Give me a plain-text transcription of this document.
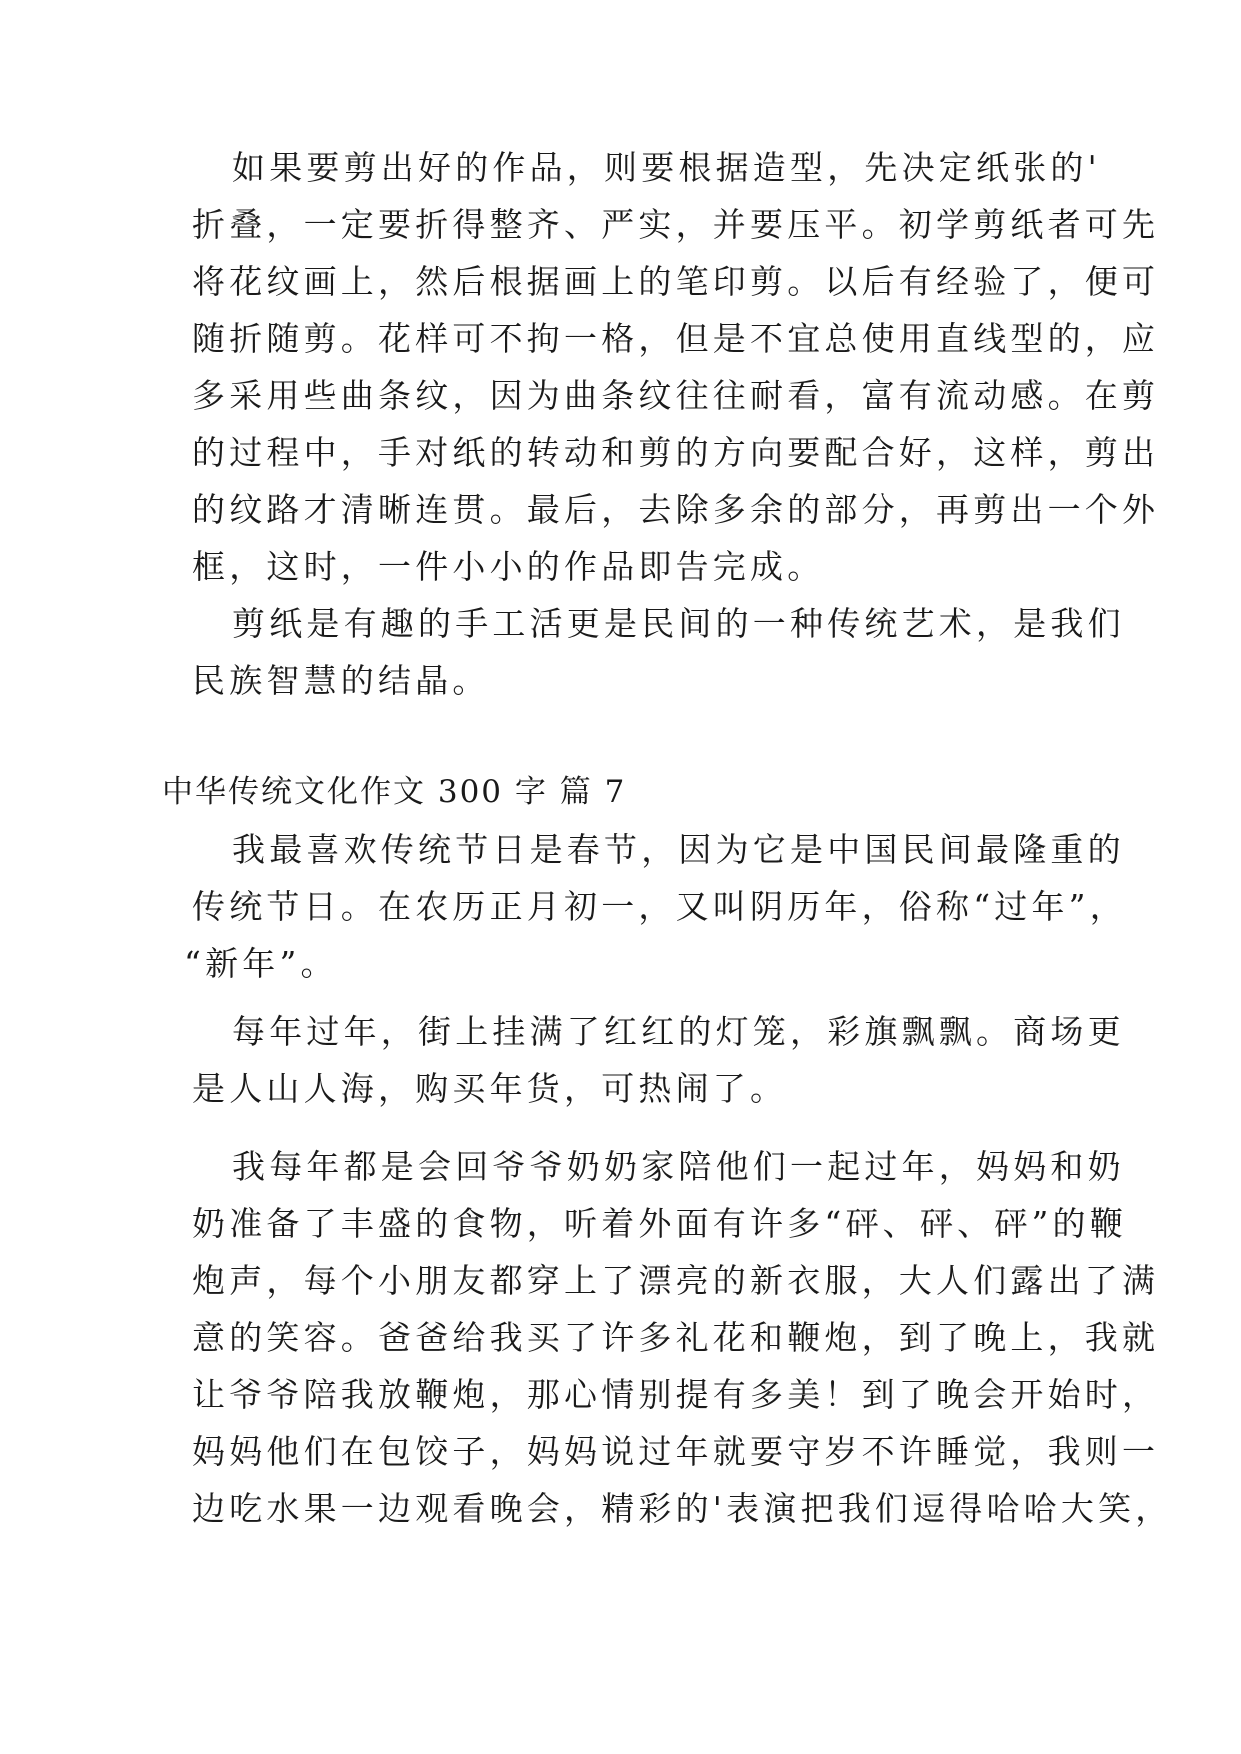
如果要剪出好的作品，则要根据造型，先决定纸张的'
折叠，一定要折得整齐、严实，并要压平。初学剪纸者可先
将花纹画上，然后根据画上的笔印剪。以后有经验了，便可
随折随剪。花样可不拘一格，但是不宜总使用直线型的，应
多采用些曲条纹，因为曲条纹往往耐看，富有流动感。在剪
的过程中，手对纸的转动和剪的方向要配合好，这样，剪出
的纹路才清晰连贯。最后，去除多余的部分，再剪出一个外
框，这时，一件小小的作品即告完成。
剪纸是有趣的手工活更是民间的一种传统艺术，是我们
民族智慧的结晶。
中华传统文化作文 300 字 篇 7
我最喜欢传统节日是春节，因为它是中国民间最隆重的
传统节日。在农历正月初一，又叫阴历年，俗称“过年”，
“新年”。
每年过年，街上挂满了红红的灯笼，彩旗飘飘。商场更
是人山人海，购买年货，可热闹了。
我每年都是会回爷爷奶奶家陪他们一起过年，妈妈和奶
奶准备了丰盛的食物，听着外面有许多“砰、砰、砰”的鞭
炮声，每个小朋友都穿上了漂亮的新衣服，大人们露出了满
意的笑容。爸爸给我买了许多礼花和鞭炮，到了晚上，我就
让爷爷陪我放鞭炮，那心情别提有多美！到了晚会开始时，
妈妈他们在包饺子，妈妈说过年就要守岁不许睡觉，我则一
边吃水果一边观看晚会，精彩的'表演把我们逗得哈哈大笑，
